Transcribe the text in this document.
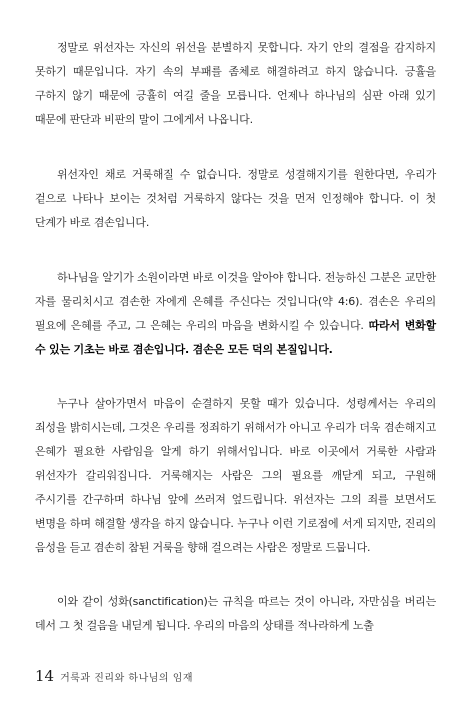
정말로 위선자는 자신의 위선을 분별하지 못합니다. 자기 안의 결점을 감지하지 못하기 때문입니다. 자기 속의 부패를 좀체로 해결하려고 하지 않습니다. 긍휼을 구하지 않기 때문에 긍휼히 여길 줄을 모릅니다. 언제나 하나님의 심판 아래 있기 때문에 판단과 비판의 말이 그에게서 나옵니다.

위선자인 채로 거룩해질 수 없습니다. 정말로 성결해지기를 원한다면, 우리가 겉으로 나타나 보이는 것처럼 거룩하지 않다는 것을 먼저 인정해야 합니다. 이 첫 단계가 바로 겸손입니다.

하나님을 알기가 소원이라면 바로 이것을 알아야 합니다. 전능하신 그분은 교만한 자를 물리치시고 겸손한 자에게 은혜를 주신다는 것입니다(약 4:6). 겸손은 우리의 필요에 은혜를 주고, 그 은혜는 우리의 마음을 변화시킬 수 있습니다. 따라서 변화할 수 있는 기초는 바로 겸손입니다. 겸손은 모든 덕의 본질입니다.

누구나 살아가면서 마음이 순결하지 못할 때가 있습니다. 성령께서는 우리의 죄성을 밝히시는데, 그것은 우리를 정죄하기 위해서가 아니고 우리가 더욱 겸손해지고 은혜가 필요한 사람임을 알게 하기 위해서입니다. 바로 이곳에서 거룩한 사람과 위선자가 갈리워집니다. 거룩해지는 사람은 그의 필요를 깨닫게 되고, 구원해 주시기를 간구하며 하나님 앞에 쓰러져 엎드립니다. 위선자는 그의 죄를 보면서도 변명을 하며 해결할 생각을 하지 않습니다. 누구나 이런 기로점에 서게 되지만, 진리의 음성을 듣고 겸손히 참된 거룩을 향해 걸으려는 사람은 정말로 드뭅니다.

이와 같이 성화(sanctification)는 규칙을 따르는 것이 아니라, 자만심을 버리는 데서 그 첫 걸음을 내딛게 됩니다. 우리의 마음의 상태를 적나라하게 노출

14 거룩과 진리와 하나님의 임재
